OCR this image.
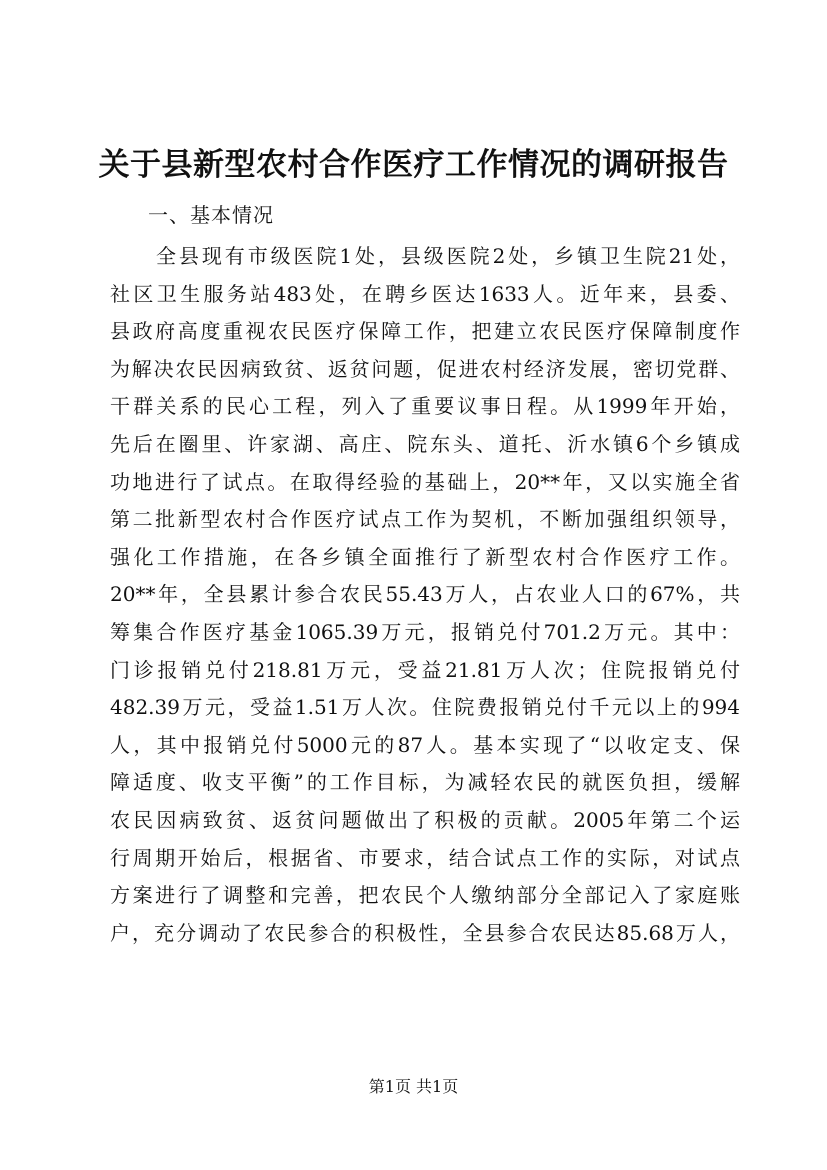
关于县新型农村合作医疗工作情况的调研报告
一、基本情况
全县现有市级医院1处，县级医院2处，乡镇卫生院21处，
社区卫生服务站483处，在聘乡医达1633人。近年来，县委、
县政府高度重视农民医疗保障工作，把建立农民医疗保障制度作
为解决农民因病致贫、返贫问题，促进农村经济发展，密切党群、
干群关系的民心工程，列入了重要议事日程。从1999年开始，
先后在圈里、许家湖、高庄、院东头、道托、沂水镇6个乡镇成
功地进行了试点。在取得经验的基础上，20**年，又以实施全省
第二批新型农村合作医疗试点工作为契机，不断加强组织领导，
强化工作措施，在各乡镇全面推行了新型农村合作医疗工作。
20**年，全县累计参合农民55.43万人，占农业人口的67%，共
筹集合作医疗基金1065.39万元，报销兑付701.2万元。其中：
门诊报销兑付218.81万元，受益21.81万人次；住院报销兑付
482.39万元，受益1.51万人次。住院费报销兑付千元以上的994
人，其中报销兑付5000元的87人。基本实现了“以收定支、保
障适度、收支平衡”的工作目标，为减轻农民的就医负担，缓解
农民因病致贫、返贫问题做出了积极的贡献。2005年第二个运
行周期开始后，根据省、市要求，结合试点工作的实际，对试点
方案进行了调整和完善，把农民个人缴纳部分全部记入了家庭账
户，充分调动了农民参合的积极性，全县参合农民达85.68万人，
第1页 共1页
